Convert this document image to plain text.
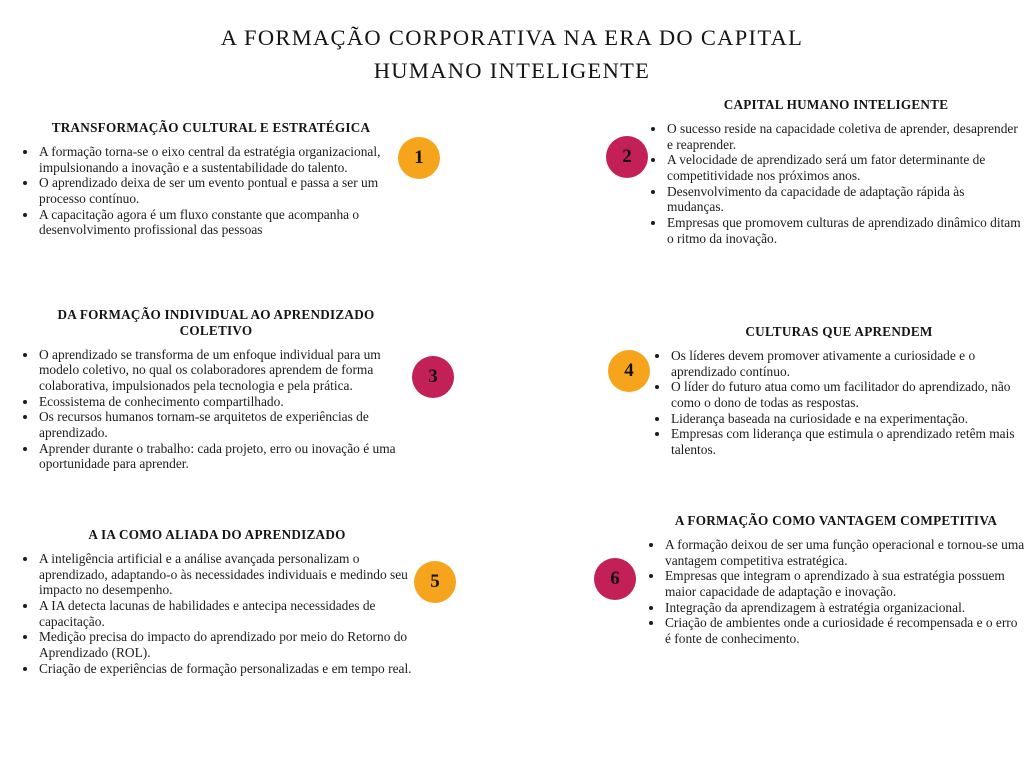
A FORMAÇÃO CORPORATIVA NA ERA DO CAPITAL
HUMANO INTELIGENTE
TRANSFORMAÇÃO CULTURAL E ESTRATÉGICA
• A formação torna-se o eixo central da estratégia organizacional, impulsionando a inovação e a sustentabilidade do talento.
• O aprendizado deixa de ser um evento pontual e passa a ser um processo contínuo.
• A capacitação agora é um fluxo constante que acompanha o desenvolvimento profissional das pessoas
CAPITAL HUMANO INTELIGENTE
• O sucesso reside na capacidade coletiva de aprender, desaprender e reaprender.
• A velocidade de aprendizado será um fator determinante de competitividade nos próximos anos.
• Desenvolvimento da capacidade de adaptação rápida às mudanças.
• Empresas que promovem culturas de aprendizado dinâmico ditam o ritmo da inovação.
DA FORMAÇÃO INDIVIDUAL AO APRENDIZADO COLETIVO
• O aprendizado se transforma de um enfoque individual para um modelo coletivo, no qual os colaboradores aprendem de forma colaborativa, impulsionados pela tecnologia e pela prática.
• Ecossistema de conhecimento compartilhado.
• Os recursos humanos tornam-se arquitetos de experiências de aprendizado.
• Aprender durante o trabalho: cada projeto, erro ou inovação é uma oportunidade para aprender.
CULTURAS QUE APRENDEM
• Os líderes devem promover ativamente a curiosidade e o aprendizado contínuo.
• O líder do futuro atua como um facilitador do aprendizado, não como o dono de todas as respostas.
• Liderança baseada na curiosidade e na experimentação.
• Empresas com liderança que estimula o aprendizado retêm mais talentos.
A IA COMO ALIADA DO APRENDIZADO
• A inteligência artificial e a análise avançada personalizam o aprendizado, adaptando-o às necessidades individuais e medindo seu impacto no desempenho.
• A IA detecta lacunas de habilidades e antecipa necessidades de capacitação.
• Medição precisa do impacto do aprendizado por meio do Retorno do Aprendizado (ROL).
• Criação de experiências de formação personalizadas e em tempo real.
A FORMAÇÃO COMO VANTAGEM COMPETITIVA
• A formação deixou de ser uma função operacional e tornou-se uma vantagem competitiva estratégica.
• Empresas que integram o aprendizado à sua estratégia possuem maior capacidade de adaptação e inovação.
• Integração da aprendizagem à estratégia organizacional.
• Criação de ambientes onde a curiosidade é recompensada e o erro é fonte de conhecimento.
1	2
3	4
5	6
